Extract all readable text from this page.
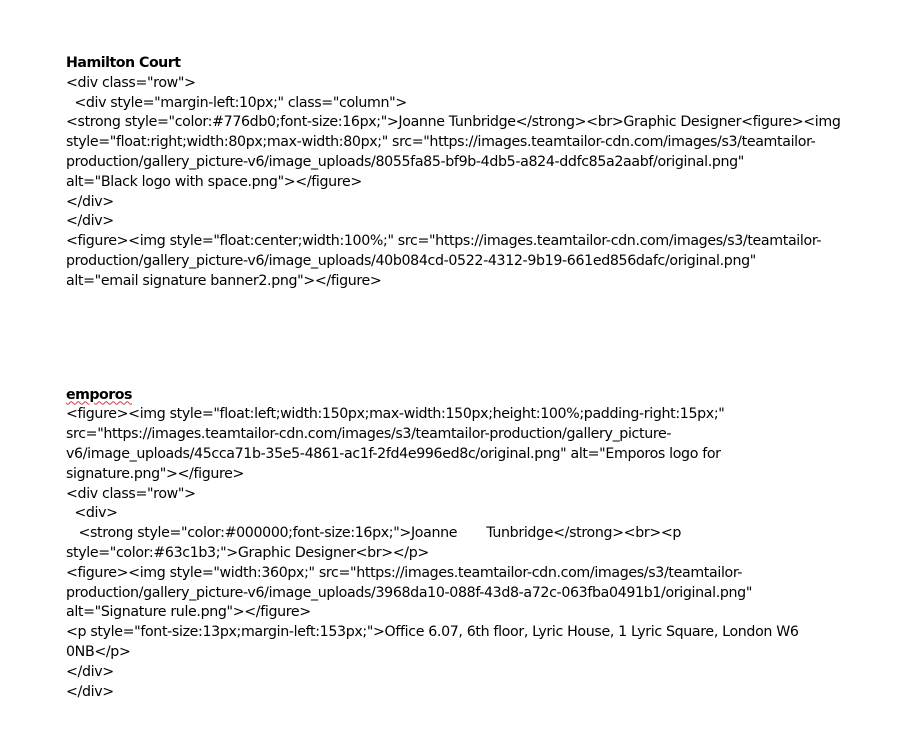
Hamilton Court
<div class="row">
<div style="margin-left:10px;" class="column">
<strong style="color:#776db0;font-size:16px;">Joanne Tunbridge</strong><br>Graphic Designer<figure><img
style="float:right;width:80px;max-width:80px;" src="https://images.teamtailor-cdn.com/images/s3/teamtailor-
production/gallery_picture-v6/image_uploads/8055fa85-bf9b-4db5-a824-ddfc85a2aabf/original.png"
alt="Black logo with space.png"></figure>
</div>
</div>
<figure><img style="float:center;width:100%;" src="https://images.teamtailor-cdn.com/images/s3/teamtailor-
production/gallery_picture-v6/image_uploads/40b084cd-0522-4312-9b19-661ed856dafc/original.png"
alt="email signature banner2.png"></figure>
emporos
<figure><img style="float:left;width:150px;max-width:150px;height:100%;padding-right:15px;"
src="https://images.teamtailor-cdn.com/images/s3/teamtailor-production/gallery_picture-
v6/image_uploads/45cca71b-35e5-4861-ac1f-2fd4e996ed8c/original.png" alt="Emporos logo for
signature.png"></figure>
<div class="row">
<div>
<strong style="color:#000000;font-size:16px;">Joanne       Tunbridge</strong><br><p
style="color:#63c1b3;">Graphic Designer<br></p>
<figure><img style="width:360px;" src="https://images.teamtailor-cdn.com/images/s3/teamtailor-
production/gallery_picture-v6/image_uploads/3968da10-088f-43d8-a72c-063fba0491b1/original.png"
alt="Signature rule.png"></figure>
<p style="font-size:13px;margin-left:153px;">Office 6.07, 6th floor, Lyric House, 1 Lyric Square, London W6
0NB</p>
</div>
</div>
